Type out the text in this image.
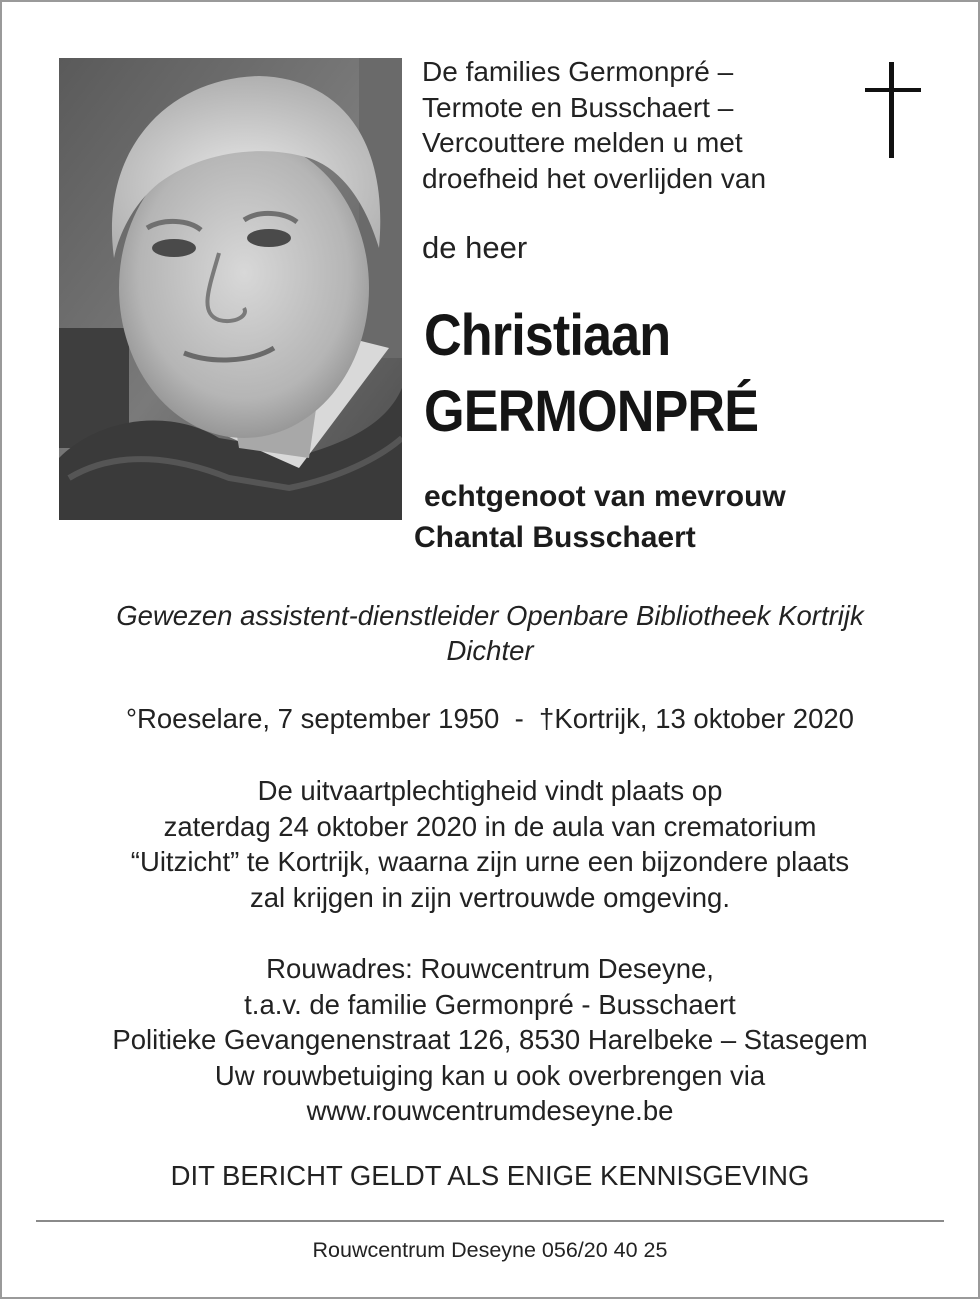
De families Germonpré –
Termote en Busschaert –
Vercouttere melden u met
droefheid het overlijden van
de heer
Christiaan
GERMONPRÉ
echtgenoot van mevrouw
Chantal Busschaert
Gewezen assistent-dienstleider Openbare Bibliotheek Kortrijk
Dichter
°Roeselare, 7 september 1950  -  †Kortrijk, 13 oktober 2020
De uitvaartplechtigheid vindt plaats op
zaterdag 24 oktober 2020 in de aula van crematorium
“Uitzicht” te Kortrijk, waarna zijn urne een bijzondere plaats
zal krijgen in zijn vertrouwde omgeving.
Rouwadres: Rouwcentrum Deseyne,
t.a.v. de familie Germonpré - Busschaert
Politieke Gevangenenstraat 126, 8530 Harelbeke – Stasegem
Uw rouwbetuiging kan u ook overbrengen via
www.rouwcentrumdeseyne.be
DIT BERICHT GELDT ALS ENIGE KENNISGEVING
Rouwcentrum Deseyne 056/20 40 25
